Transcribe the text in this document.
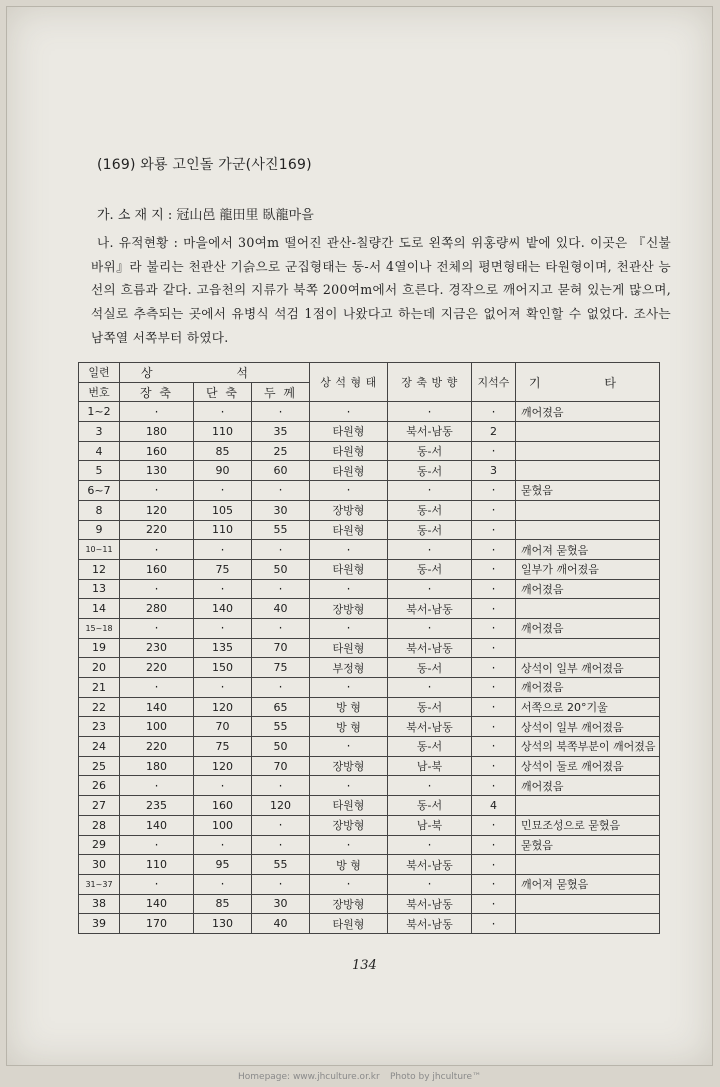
(169) 와룡 고인돌 가군(사진169)
가. 소 재 지 : 冠山邑 龍田里 臥龍마을
나. 유적현황 : 마을에서 30여m 떨어진 관산-칠량간 도로 왼쪽의 위홍량씨 밭에 있다. 이곳은 『신불바위』라 불리는 천관산 기슭으로 군집형태는 동-서 4열이나 전체의 평면형태는 타원형이며, 천관산 능선의 흐름과 같다. 고읍천의 지류가 북쪽 200여m에서 흐른다. 경작으로 깨어지고 묻혀 있는게 많으며, 석실로 추측되는 곳에서 유병식 석검 1점이 나왔다고 하는데 지금은 없어져 확인할 수 없었다. 조사는 남쪽열 서쪽부터 하였다.
일련	상 석			상 석 형 태	장 축 방 향	지석수	기 타
번호	장 축	단 축	두 께				
1~2	·	·	·	·	·	·	깨어졌음
3	180	110	35	타원형	북서-남동	2	
4	160	85	25	타원형	동-서	·	
5	130	90	60	타원형	동-서	3	
6~7	·	·	·	·	·	·	묻혔음
8	120	105	30	장방형	동-서	·	
9	220	110	55	타원형	동-서	·	
10~11	·	·	·	·	·	·	깨어져 묻혔음
12	160	75	50	타원형	동-서	·	일부가 깨어졌음
13	·	·	·	·	·	·	깨어졌음
14	280	140	40	장방형	북서-남동	·	
15~18	·	·	·	·	·	·	깨어졌음
19	230	135	70	타원형	북서-남동	·	
20	220	150	75	부정형	동-서	·	상석이 일부 깨어졌음
21	·	·	·	·	·	·	깨어졌음
22	140	120	65	방 형	동-서	·	서쪽으로 20°기울
23	100	70	55	방 형	북서-남동	·	상석이 일부 깨어졌음
24	220	75	50	·	동-서	·	상석의 북쪽부분이 깨어졌음
25	180	120	70	장방형	남-북	·	상석이 둘로 깨어졌음
26	·	·	·	·	·	·	깨어졌음
27	235	160	120	타원형	동-서	4	
28	140	100	·	장방형	남-북	·	민묘조성으로 묻혔음
29	·	·	·	·	·	·	묻혔음
30	110	95	55	방 형	북서-남동	·	
31~37	·	·	·	·	·	·	깨어져 묻혔음
38	140	85	30	장방형	북서-남동	·	
39	170	130	40	타원형	북서-남동	·	
134
Homepage: www.jhculture.or.kr Photo by jhculture™
